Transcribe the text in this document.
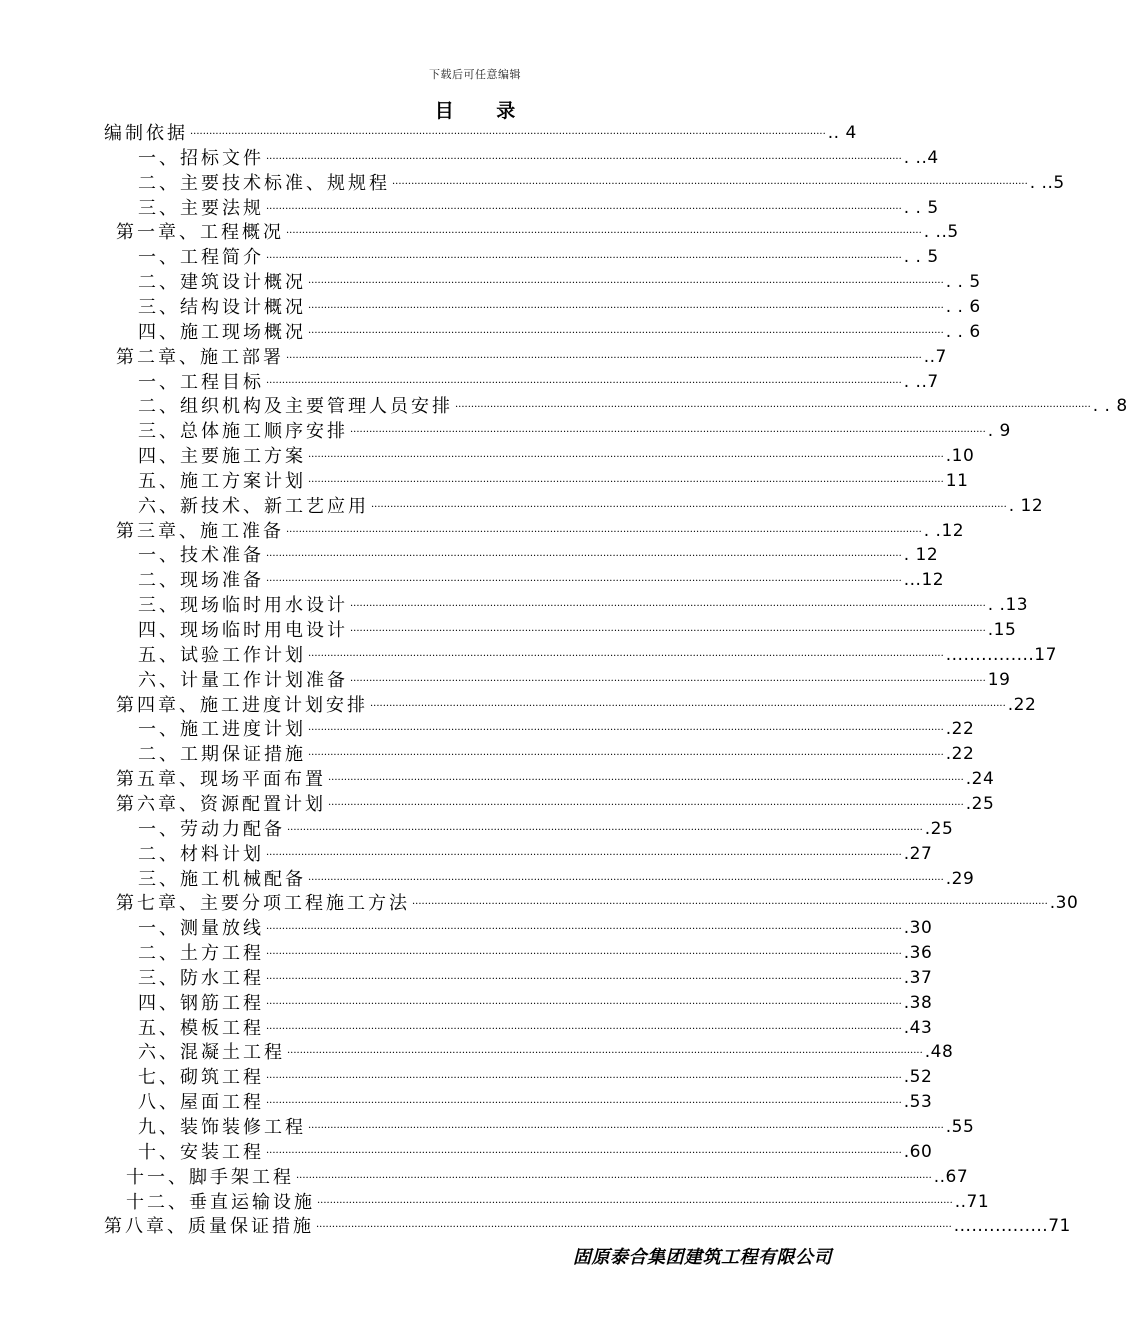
下载后可任意编辑
目 录
编制依据 ········································································································································································································ .. 4
一、招标文件 ········································································································································································································ . ..4
二、主要技术标准、规规程 ········································································································································································································ . ..5
三、主要法规 ········································································································································································································ . . 5
第一章、工程概况 ········································································································································································································ . ..5
一、工程简介 ········································································································································································································ . . 5
二、建筑设计概况 ········································································································································································································ . . 5
三、结构设计概况 ········································································································································································································ . . 6
四、施工现场概况 ········································································································································································································ . . 6
第二章、施工部署 ········································································································································································································ ..7
一、工程目标 ········································································································································································································ . ..7
二、组织机构及主要管理人员安排 ········································································································································································································ . . 8
三、总体施工顺序安排 ········································································································································································································ . 9
四、主要施工方案 ········································································································································································································ .10
五、施工方案计划 ········································································································································································································ 11
六、新技术、新工艺应用 ········································································································································································································ . 12
第三章、施工准备 ········································································································································································································ . .12
一、技术准备 ········································································································································································································ . 12
二、现场准备 ········································································································································································································ ...12
三、现场临时用水设计 ········································································································································································································ . .13
四、现场临时用电设计 ········································································································································································································ .15
五、试验工作计划 ········································································································································································································ ...............17
六、计量工作计划准备 ········································································································································································································ 19
第四章、施工进度计划安排 ········································································································································································································ .22
一、施工进度计划 ········································································································································································································ .22
二、工期保证措施 ········································································································································································································ .22
第五章、现场平面布置 ········································································································································································································ .24
第六章、资源配置计划 ········································································································································································································ .25
一、劳动力配备 ········································································································································································································ .25
二、材料计划 ········································································································································································································ .27
三、施工机械配备 ········································································································································································································ .29
第七章、主要分项工程施工方法 ········································································································································································································ .30
一、测量放线 ········································································································································································································ .30
二、土方工程 ········································································································································································································ .36
三、防水工程 ········································································································································································································ .37
四、钢筋工程 ········································································································································································································ .38
五、模板工程 ········································································································································································································ .43
六、混凝土工程 ········································································································································································································ .48
七、砌筑工程 ········································································································································································································ .52
八、屋面工程 ········································································································································································································ .53
九、装饰装修工程 ········································································································································································································ .55
十、安装工程 ········································································································································································································ .60
十一、脚手架工程 ········································································································································································································ ..67
十二、垂直运输设施 ········································································································································································································ ..71
第八章、质量保证措施 ········································································································································································································ ................71
固原泰合集团建筑工程有限公司
